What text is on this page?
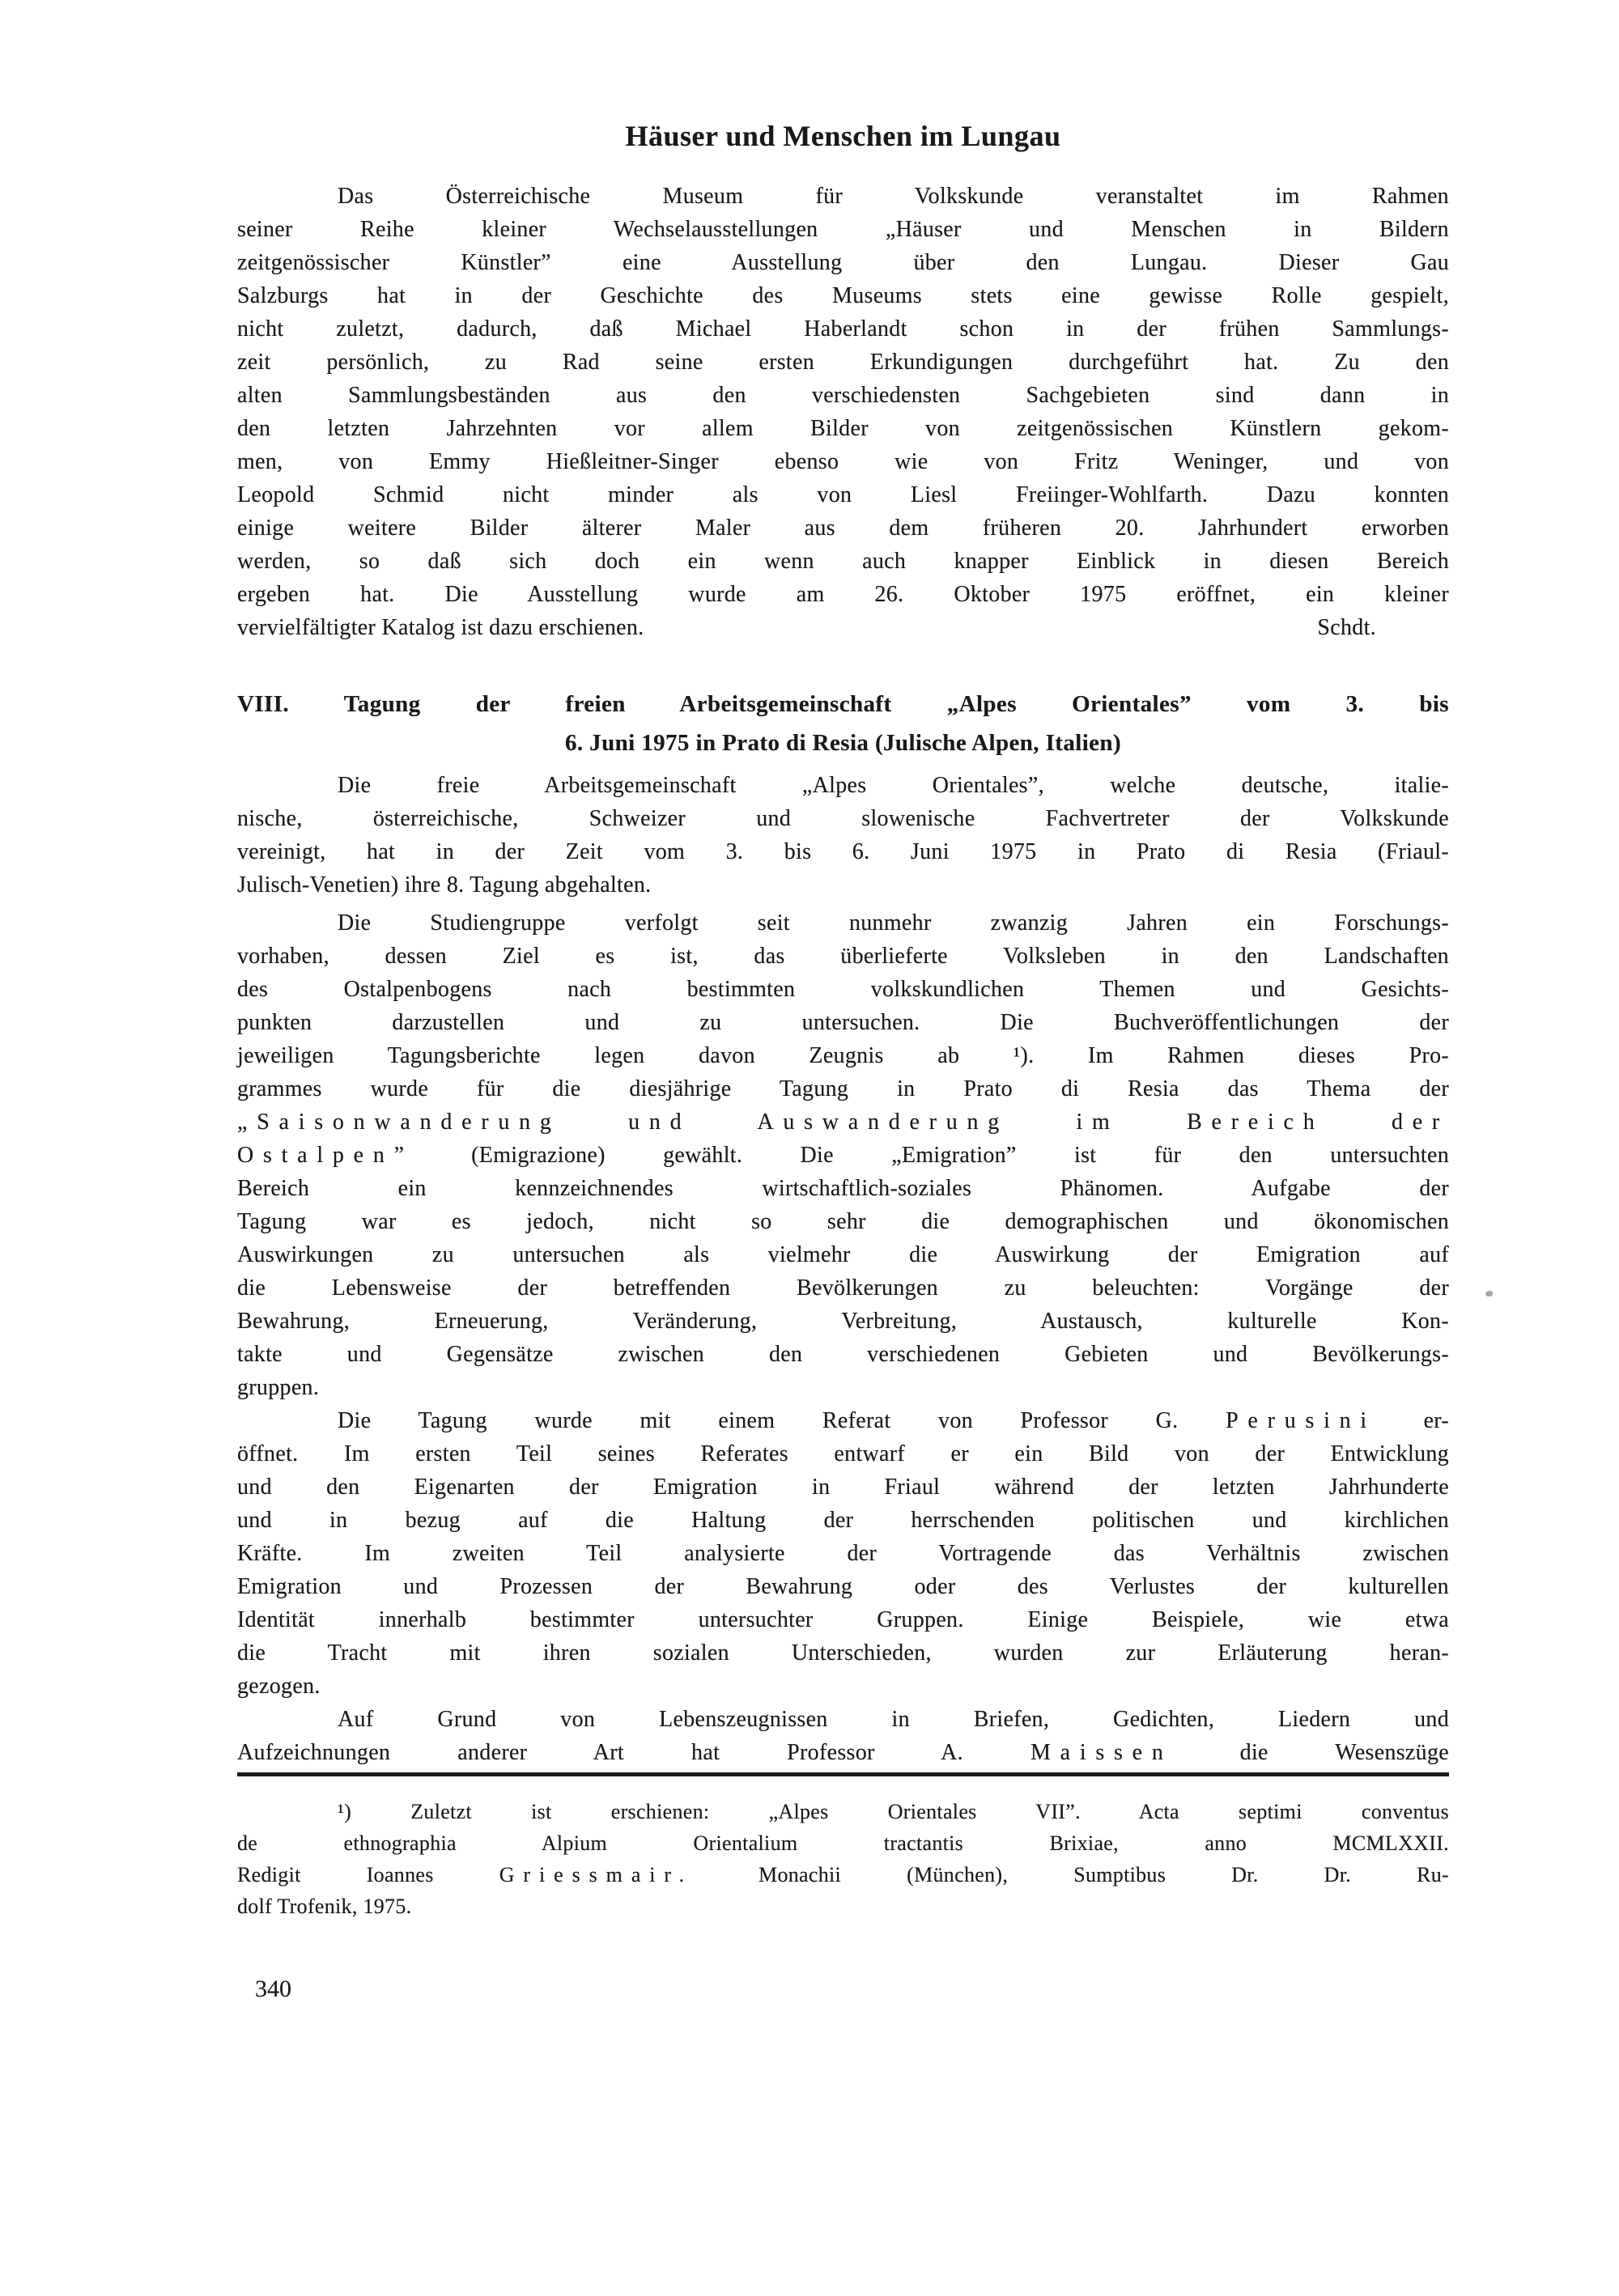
Häuser und Menschen im Lungau
Das Österreichische Museum für Volkskunde veranstaltet im Rahmen
seiner Reihe kleiner Wechselausstellungen „Häuser und Menschen in Bildern
zeitgenössischer Künstler” eine Ausstellung über den Lungau. Dieser Gau
Salzburgs hat in der Geschichte des Museums stets eine gewisse Rolle gespielt,
nicht zuletzt, dadurch, daß Michael Haberlandt schon in der frühen Sammlungs-
zeit persönlich, zu Rad seine ersten Erkundigungen durchgeführt hat. Zu den
alten Sammlungsbeständen aus den verschiedensten Sachgebieten sind dann in
den letzten Jahrzehnten vor allem Bilder von zeitgenössischen Künstlern gekom-
men, von Emmy Hießleitner-Singer ebenso wie von Fritz Weninger, und von
Leopold Schmid nicht minder als von Liesl Freiinger-Wohlfarth. Dazu konnten
einige weitere Bilder älterer Maler aus dem früheren 20. Jahrhundert erworben
werden, so daß sich doch ein wenn auch knapper Einblick in diesen Bereich
ergeben hat. Die Ausstellung wurde am 26. Oktober 1975 eröffnet, ein kleiner
vervielfältigter Katalog ist dazu erschienen.	Schdt.
VIII. Tagung der freien Arbeitsgemeinschaft „Alpes Orientales” vom 3. bis
6. Juni 1975 in Prato di Resia (Julische Alpen, Italien)
Die freie Arbeitsgemeinschaft „Alpes Orientales”, welche deutsche, italie-
nische, österreichische, Schweizer und slowenische Fachvertreter der Volkskunde
vereinigt, hat in der Zeit vom 3. bis 6. Juni 1975 in Prato di Resia (Friaul-
Julisch-Venetien) ihre 8. Tagung abgehalten.
Die Studiengruppe verfolgt seit nunmehr zwanzig Jahren ein Forschungs-
vorhaben, dessen Ziel es ist, das überlieferte Volksleben in den Landschaften
des Ostalpenbogens nach bestimmten volkskundlichen Themen und Gesichts-
punkten darzustellen und zu untersuchen. Die Buchveröffentlichungen der
jeweiligen Tagungsberichte legen davon Zeugnis ab ¹). Im Rahmen dieses Pro-
grammes wurde für die diesjährige Tagung in Prato di Resia das Thema der
„Saisonwanderung und Auswanderung im Bereich der
Ostalpen” (Emigrazione) gewählt. Die „Emigration” ist für den untersuchten
Bereich ein kennzeichnendes wirtschaftlich-soziales Phänomen. Aufgabe der
Tagung war es jedoch, nicht so sehr die demographischen und ökonomischen
Auswirkungen zu untersuchen als vielmehr die Auswirkung der Emigration auf
die Lebensweise der betreffenden Bevölkerungen zu beleuchten: Vorgänge der
Bewahrung, Erneuerung, Veränderung, Verbreitung, Austausch, kulturelle Kon-
takte und Gegensätze zwischen den verschiedenen Gebieten und Bevölkerungs-
gruppen.
Die Tagung wurde mit einem Referat von Professor G. Perusini er-
öffnet. Im ersten Teil seines Referates entwarf er ein Bild von der Entwicklung
und den Eigenarten der Emigration in Friaul während der letzten Jahrhunderte
und in bezug auf die Haltung der herrschenden politischen und kirchlichen
Kräfte. Im zweiten Teil analysierte der Vortragende das Verhältnis zwischen
Emigration und Prozessen der Bewahrung oder des Verlustes der kulturellen
Identität innerhalb bestimmter untersuchter Gruppen. Einige Beispiele, wie etwa
die Tracht mit ihren sozialen Unterschieden, wurden zur Erläuterung heran-
gezogen.
Auf Grund von Lebenszeugnissen in Briefen, Gedichten, Liedern und
Aufzeichnungen anderer Art hat Professor A. Maissen die Wesenszüge
¹) Zuletzt ist erschienen: „Alpes Orientales VII”. Acta septimi conventus
de ethnographia Alpium Orientalium tractantis Brixiae, anno MCMLXXII.
Redigit Ioannes Griessmair. Monachii (München), Sumptibus Dr. Dr. Ru-
dolf Trofenik, 1975.
340
